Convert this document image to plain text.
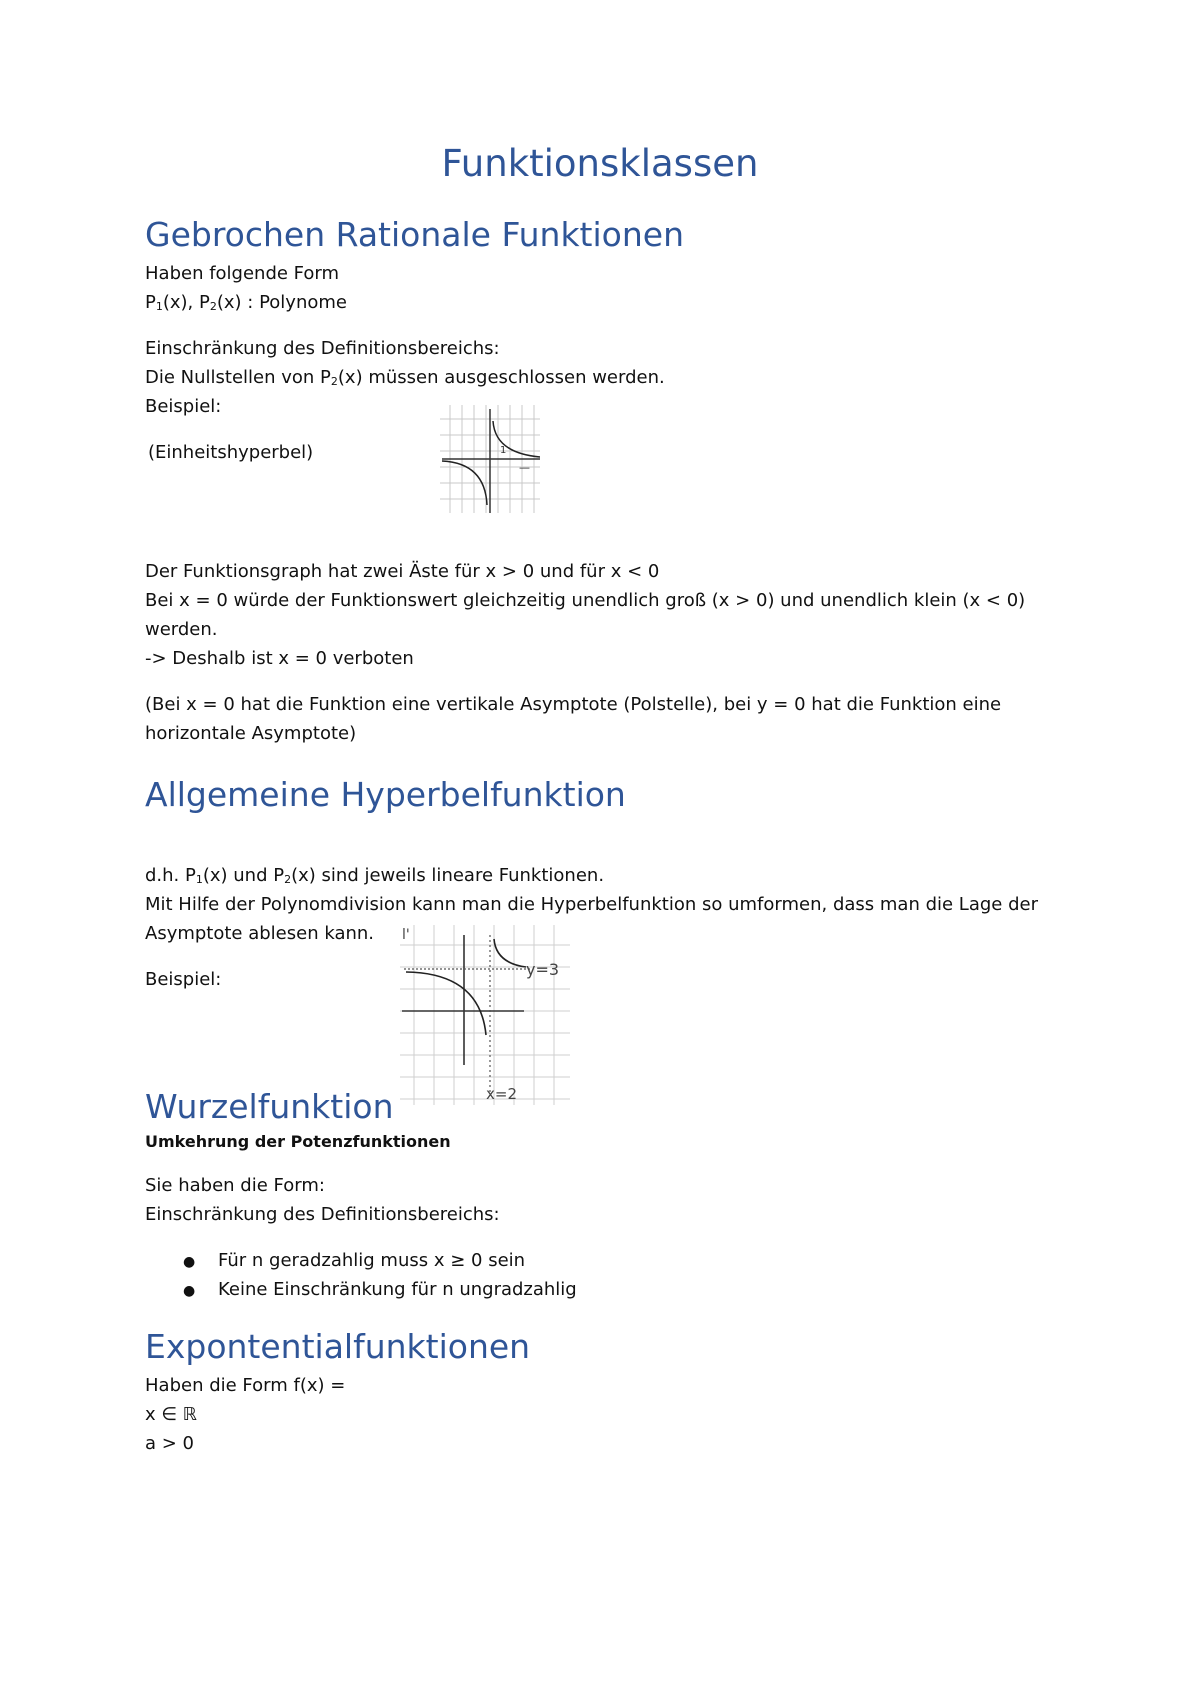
Funktionsklassen
Gebrochen Rationale Funktionen

Haben folgende Form

$P_1(x)$, $P_2(x)$ : Polynome

Einschränkung des Definitionsbereichs:

Die Nullstellen von $P_2(x)$ müssen ausgeschlossen werden.

Beispiel:

(Einheitshyperbel)

—
1

Der Funktionsgraph hat zwei Äste für x > 0 und für x < 0

Bei x = 0 würde der Funktionswert gleichzeitig unendlich groß (x > 0) und unendlich klein (x < 0)

werden.

-> Deshalb ist x = 0 verboten

(Bei x = 0 hat die Funktion eine vertikale Asymptote (Polstelle), bei y = 0 hat die Funktion eine

horizontale Asymptote)

Allgemeine Hyperbelfunktion

d.h. $P_1(x)$ und $P_2(x)$ sind jeweils lineare Funktionen.

Mit Hilfe der Polynomdivision kann man die Hyperbelfunktion so umformen, dass man die Lage der

Asymptote ablesen kann.

Beispiel:

l'
y=3
x=2
Wurzelfunktion

Umkehrung der Potenzfunktionen

Sie haben die Form:

Einschränkung des Definitionsbereichs:

● Für n geradzahlig muss x ≥ 0 sein

● Keine Einschränkung für n ungradzahlig

Expontentialfunktionen

Haben die Form f(x) =

x ∈ ℝ

a > 0
